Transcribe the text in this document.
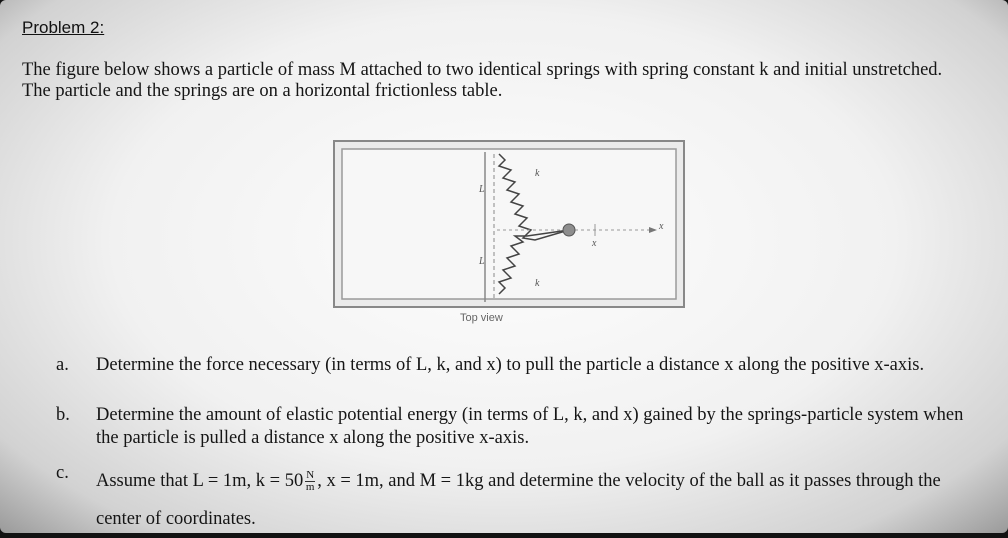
Problem 2:

The figure below shows a particle of mass M attached to two identical springs with spring constant k and initial unstretched. The particle and the springs are on a horizontal frictionless table.

k
k
L
L
x
x
Top view
a. Determine the force necessary (in terms of L, k, and x) to pull the particle a distance x along the positive x-axis.
b. Determine the amount of elastic potential energy (in terms of L, k, and x) gained by the springs-particle system when the particle is pulled a distance x along the positive x-axis.
c. Assume that L = 1m, $k = 50 \frac{N}{m}$ , x = 1m, and M = 1kg and determine the velocity of the ball as it passes through the center of coordinates.
